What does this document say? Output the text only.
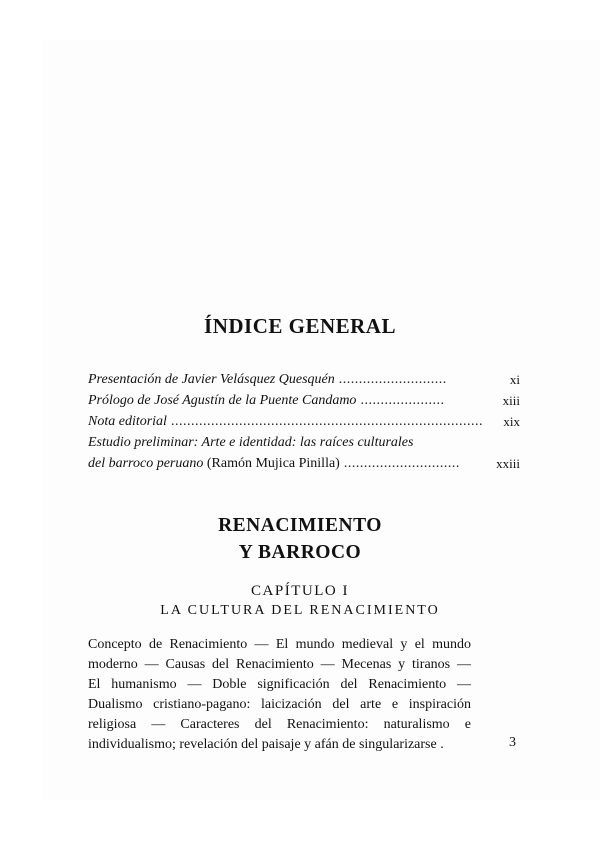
ÍNDICE GENERAL
Presentación de Javier Velásquez Quesquén ...........................	xi
Prólogo de José Agustín de la Puente Candamo .....................	xiii
Nota editorial .............................................................................. xix
Estudio preliminar: Arte e identidad: las raíces culturales
del barroco peruano (Ramón Mujica Pinilla) .............................	xxiii
RENACIMIENTO
Y BARROCO
CAPÍTULO I
LA CULTURA DEL RENACIMIENTO
Concepto de Renacimiento — El mundo medieval y el mundo
moderno — Causas del Renacimiento — Mecenas y tiranos —
El humanismo — Doble significación del Renacimiento —
Dualismo cristiano-pagano: laicización del arte e inspiración
religiosa — Caracteres del Renacimiento: naturalismo e
individualismo; revelación del paisaje y afán de singularizarse .	3
